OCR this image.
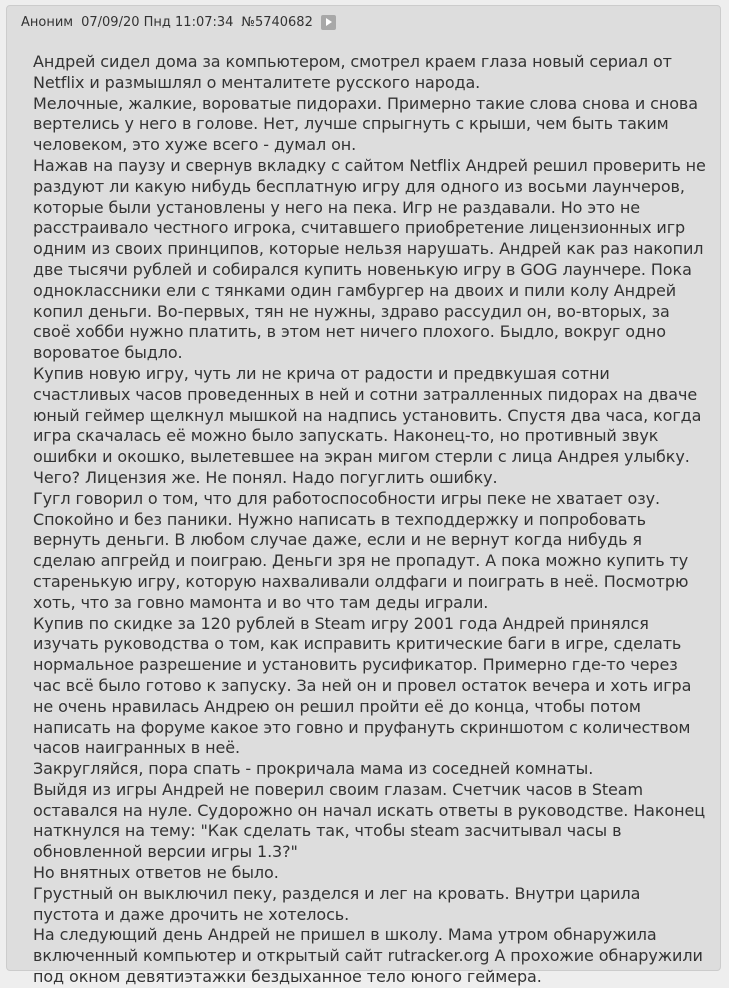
Аноним 07/09/20 Пнд 11:07:34 №5740682

Андрей сидел дома за компьютером, смотрел краем глаза новый сериал от Netflix и размышлял о менталитете русского народа.

Мелочные, жалкие, вороватые пидорахи. Примерно такие слова снова и снова вертелись у него в голове. Нет, лучше спрыгнуть с крыши, чем быть таким человеком, это хуже всего - думал он.

Нажав на паузу и свернув вкладку с сайтом Netflix Андрей решил проверить не раздуют ли какую нибудь бесплатную игру для одного из восьми лаунчеров, которые были установлены у него на пека. Игр не раздавали. Но это не расстраивало честного игрока, считавшего приобретение лицензионных игр одним из своих принципов, которые нельзя нарушать. Андрей как раз накопил две тысячи рублей и собирался купить новенькую игру в GOG лаунчере. Пока одноклассники ели с тянками один гамбургер на двоих и пили колу Андрей копил деньги. Во-первых, тян не нужны, здраво рассудил он, во-вторых, за своё хобби нужно платить, в этом нет ничего плохого. Быдло, вокруг одно вороватое быдло.

Купив новую игру, чуть ли не крича от радости и предвкушая сотни счастливых часов проведенных в ней и сотни затралленных пидорах на дваче юный геймер щелкнул мышкой на надпись установить. Спустя два часа, когда игра скачалась её можно было запускать. Наконец-то, но противный звук ошибки и окошко, вылетевшее на экран мигом стерли с лица Андрея улыбку. Чего? Лицензия же. Не понял. Надо погуглить ошибку.

Гугл говорил о том, что для работоспособности игры пеке не хватает озу. Спокойно и без паники. Нужно написать в техподдержку и попробовать вернуть деньги. В любом случае даже, если и не вернут когда нибудь я сделаю апгрейд и поиграю. Деньги зря не пропадут. А пока можно купить ту старенькую игру, которую нахваливали олдфаги и поиграть в неё. Посмотрю хоть, что за говно мамонта и во что там деды играли.

Купив по скидке за 120 рублей в Steam игру 2001 года Андрей принялся изучать руководства о том, как исправить критические баги в игре, сделать нормальное разрешение и установить русификатор. Примерно где-то через час всё было готово к запуску. За ней он и провел остаток вечера и хоть игра не очень нравилась Андрею он решил пройти её до конца, чтобы потом написать на форуме какое это говно и пруфануть скриншотом с количеством часов наигранных в неё.

Закругляйся, пора спать - прокричала мама из соседней комнаты.

Выйдя из игры Андрей не поверил своим глазам. Счетчик часов в Steam оставался на нуле. Судорожно он начал искать ответы в руководстве. Наконец наткнулся на тему: "Как сделать так, чтобы steam засчитывал часы в обновленной версии игры 1.3?"

Но внятных ответов не было.

Грустный он выключил пеку, разделся и лег на кровать. Внутри царила пустота и даже дрочить не хотелось.

На следующий день Андрей не пришел в школу. Мама утром обнаружила включенный компьютер и открытый сайт rutracker.org А прохожие обнаружили под окном девятиэтажки бездыханное тело юного геймера.
